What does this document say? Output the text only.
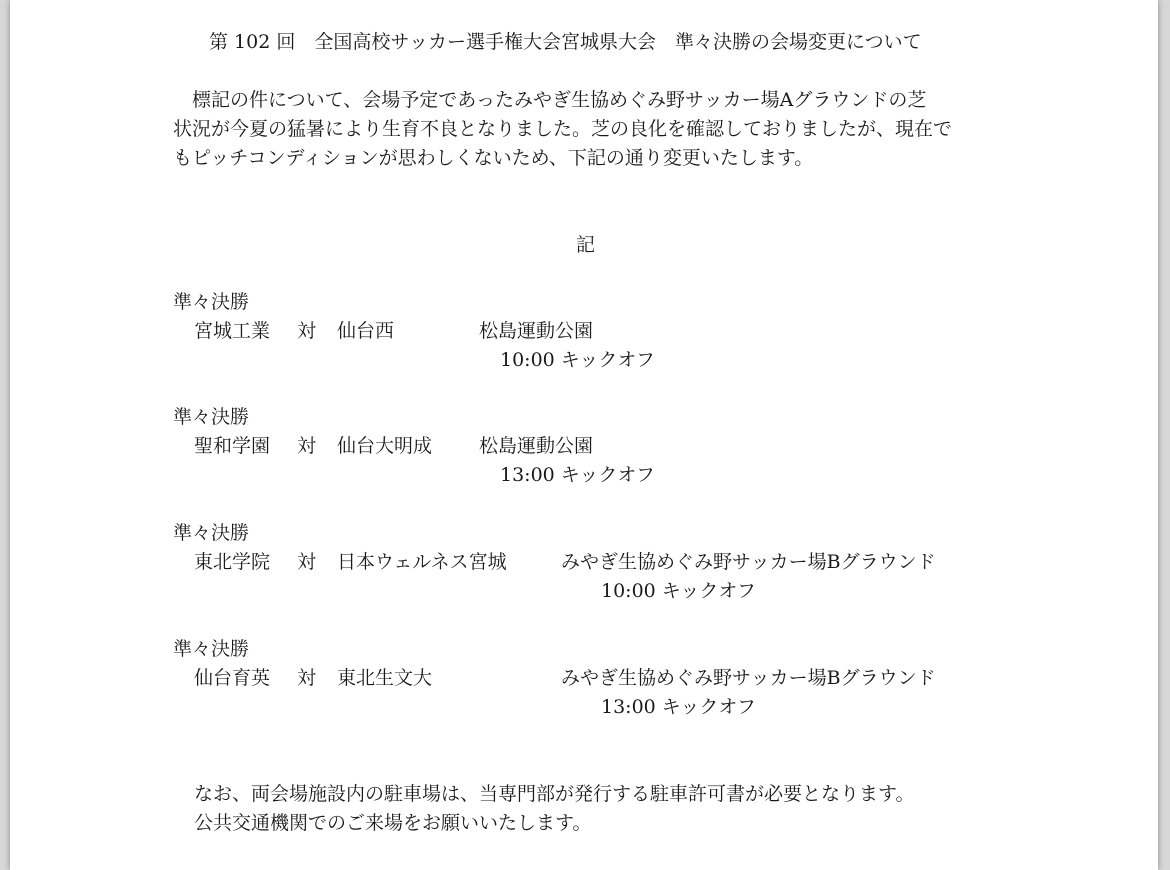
第 102 回　全国高校サッカー選手権大会宮城県大会　準々決勝の会場変更について
　標記の件について、会場予定であったみやぎ生協めぐみ野サッカー場Aグラウンドの芝
状況が今夏の猛暑により生育不良となりました。芝の良化を確認しておりましたが、現在で
もピッチコンディションが思わしくないため、下記の通り変更いたします。
記
準々決勝
宮城工業 対 仙台西	松島運動公園
10:00 キックオフ
準々決勝
聖和学園 対 仙台大明成 松島運動公園
13:00 キックオフ
準々決勝
東北学院 対 日本ウェルネス宮城	みやぎ生協めぐみ野サッカー場Bグラウンド
10:00 キックオフ
準々決勝
仙台育英 対 東北生文大	みやぎ生協めぐみ野サッカー場Bグラウンド
13:00 キックオフ
なお、両会場施設内の駐車場は、当専門部が発行する駐車許可書が必要となります。
公共交通機関でのご来場をお願いいたします。
